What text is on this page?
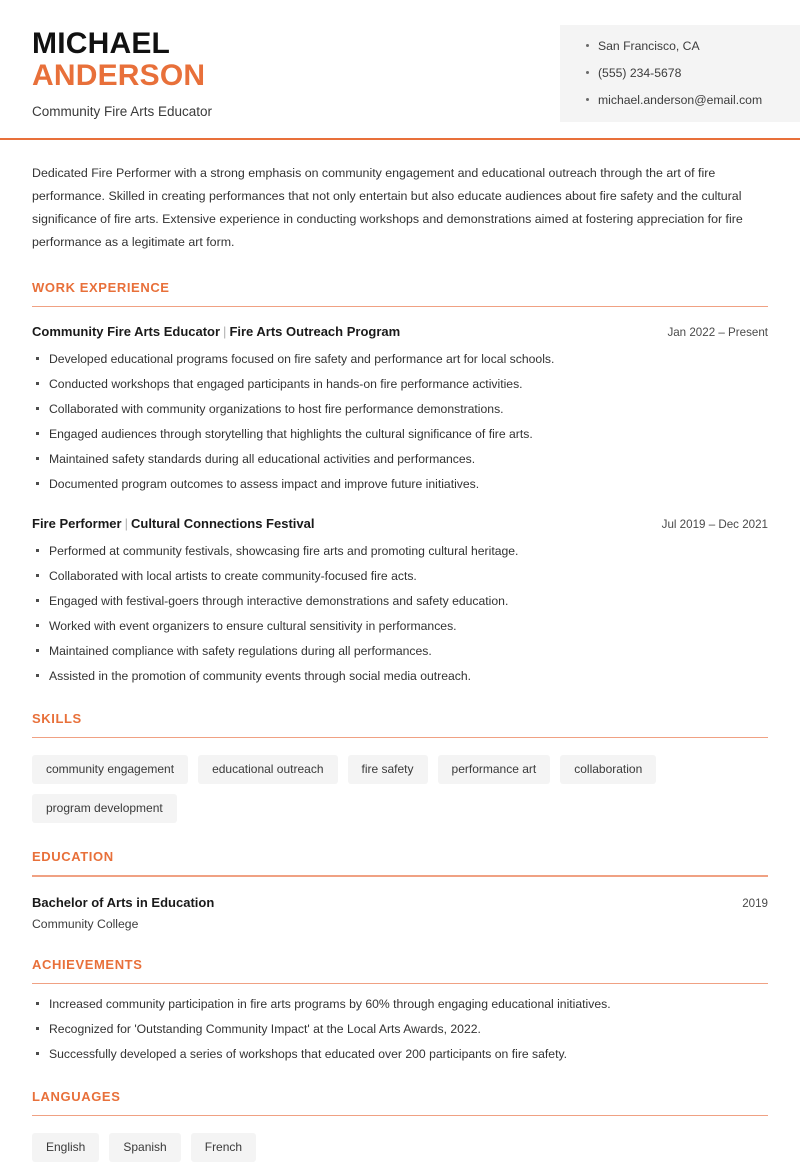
MICHAEL
ANDERSON
Community Fire Arts Educator
San Francisco, CA
(555) 234-5678
michael.anderson@email.com

Dedicated Fire Performer with a strong emphasis on community engagement and educational outreach through the art of fire performance. Skilled in creating performances that not only entertain but also educate audiences about fire safety and the cultural significance of fire arts. Extensive experience in conducting workshops and demonstrations aimed at fostering appreciation for fire performance as a legitimate art form.

WORK EXPERIENCE
Community Fire Arts Educator | Fire Arts Outreach Program	Jan 2022 – Present
Developed educational programs focused on fire safety and performance art for local schools.
Conducted workshops that engaged participants in hands-on fire performance activities.
Collaborated with community organizations to host fire performance demonstrations.
Engaged audiences through storytelling that highlights the cultural significance of fire arts.
Maintained safety standards during all educational activities and performances.
Documented program outcomes to assess impact and improve future initiatives.
Fire Performer | Cultural Connections Festival	Jul 2019 – Dec 2021
Performed at community festivals, showcasing fire arts and promoting cultural heritage.
Collaborated with local artists to create community-focused fire acts.
Engaged with festival-goers through interactive demonstrations and safety education.
Worked with event organizers to ensure cultural sensitivity in performances.
Maintained compliance with safety regulations during all performances.
Assisted in the promotion of community events through social media outreach.
SKILLS
community engagement	educational outreach	fire safety	performance art	collaboration
program development
EDUCATION
Bachelor of Arts in Education	2019
Community College
ACHIEVEMENTS
Increased community participation in fire arts programs by 60% through engaging educational initiatives.
Recognized for 'Outstanding Community Impact' at the Local Arts Awards, 2022.
Successfully developed a series of workshops that educated over 200 participants on fire safety.
LANGUAGES
English	Spanish	French
